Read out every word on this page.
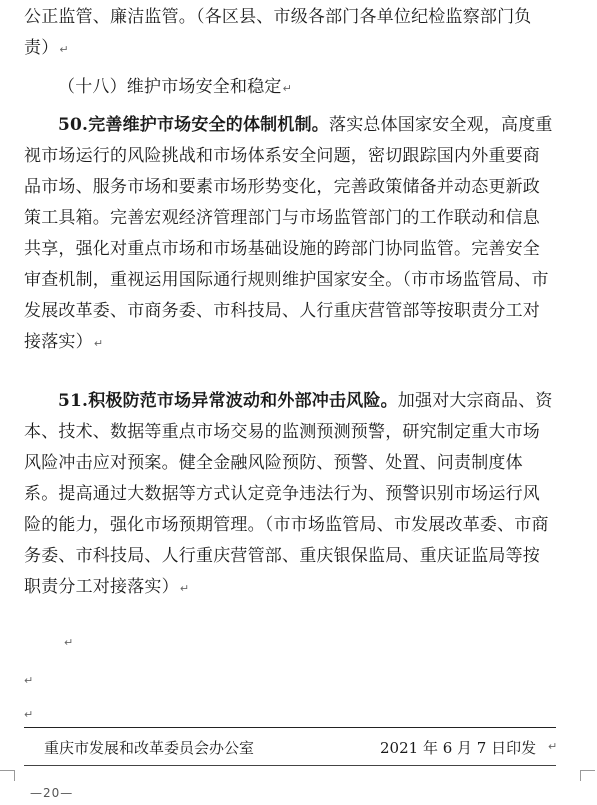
公正监管、廉洁监管。（各区县、市级各部门各单位纪检监察部门负责）↵
（十八）维护市场安全和稳定↵
50.完善维护市场安全的体制机制。落实总体国家安全观，高度重视市场运行的风险挑战和市场体系安全问题，密切跟踪国内外重要商品市场、服务市场和要素市场形势变化，完善政策储备并动态更新政策工具箱。完善宏观经济管理部门与市场监管部门的工作联动和信息共享，强化对重点市场和市场基础设施的跨部门协同监管。完善安全审查机制，重视运用国际通行规则维护国家安全。（市市场监管局、市发展改革委、市商务委、市科技局、人行重庆营管部等按职责分工对接落实）↵
51.积极防范市场异常波动和外部冲击风险。加强对大宗商品、资本、技术、数据等重点市场交易的监测预测预警，研究制定重大市场风险冲击应对预案。健全金融风险预防、预警、处置、问责制度体系。提高通过大数据等方式认定竞争违法行为、预警识别市场运行风险的能力，强化市场预期管理。（市市场监管局、市发展改革委、市商务委、市科技局、人行重庆营管部、重庆银保监局、重庆证监局等按职责分工对接落实）↵
↵
↵
↵
重庆市发展和改革委员会办公室	2021 年 6 月 7 日印发 ↵
—20—
